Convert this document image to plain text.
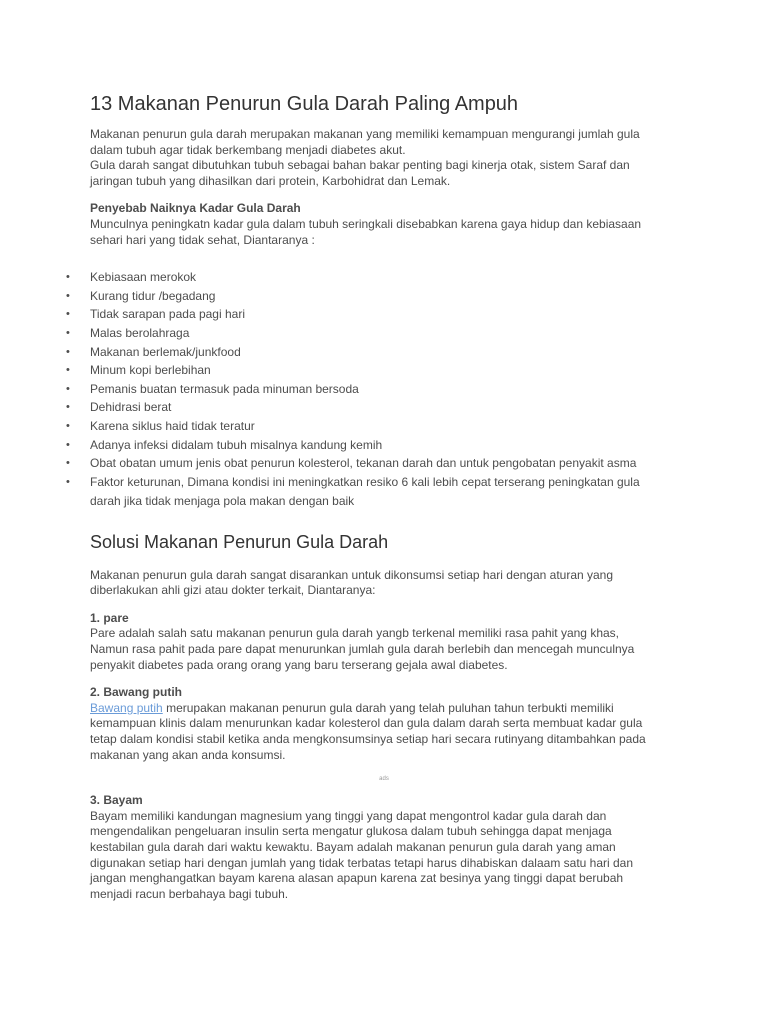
13 Makanan Penurun Gula Darah Paling Ampuh

Makanan penurun gula darah merupakan makanan yang memiliki kemampuan mengurangi jumlah gula
dalam tubuh agar tidak berkembang menjadi diabetes akut.
Gula darah sangat dibutuhkan tubuh sebagai bahan bakar penting bagi kinerja otak, sistem Saraf dan
jaringan tubuh yang dihasilkan dari protein, Karbohidrat dan Lemak.

Penyebab Naiknya Kadar Gula Darah

Munculnya peningkatn kadar gula dalam tubuh seringkali disebabkan karena gaya hidup dan kebiasaan
sehari hari yang tidak sehat, Diantaranya :

•	Kebiasaan merokok
•	Kurang tidur /begadang
•	Tidak sarapan pada pagi hari
•	Malas berolahraga
•	Makanan berlemak/junkfood
•	Minum kopi berlebihan
•	Pemanis buatan termasuk pada minuman bersoda
•	Dehidrasi berat
•	Karena siklus haid tidak teratur
•	Adanya infeksi didalam tubuh misalnya kandung kemih
•	Obat obatan umum jenis obat penurun kolesterol, tekanan darah dan untuk pengobatan penyakit asma
•	Faktor keturunan, Dimana kondisi ini meningkatkan resiko 6 kali lebih cepat terserang peningkatan gula
darah jika tidak menjaga pola makan dengan baik
Solusi Makanan Penurun Gula Darah

Makanan penurun gula darah sangat disarankan untuk dikonsumsi setiap hari dengan aturan yang
diberlakukan ahli gizi atau dokter terkait, Diantaranya:

1. pare

Pare adalah salah satu makanan penurun gula darah yangb terkenal memiliki rasa pahit yang khas,
Namun rasa pahit pada pare dapat menurunkan jumlah gula darah berlebih dan mencegah munculnya
penyakit diabetes pada orang orang yang baru terserang gejala awal diabetes.

2. Bawang putih

Bawang putih merupakan makanan penurun gula darah yang telah puluhan tahun terbukti memiliki
kemampuan klinis dalam menurunkan kadar kolesterol dan gula dalam darah serta membuat kadar gula
tetap dalam kondisi stabil ketika anda mengkonsumsinya setiap hari secara rutinyang ditambahkan pada
makanan yang akan anda konsumsi.

ads
3. Bayam

Bayam memiliki kandungan magnesium yang tinggi yang dapat mengontrol kadar gula darah dan
mengendalikan pengeluaran insulin serta mengatur glukosa dalam tubuh sehingga dapat menjaga
kestabilan gula darah dari waktu kewaktu. Bayam adalah makanan penurun gula darah yang aman
digunakan setiap hari dengan jumlah yang tidak terbatas tetapi harus dihabiskan dalaam satu hari dan
jangan menghangatkan bayam karena alasan apapun karena zat besinya yang tinggi dapat berubah
menjadi racun berbahaya bagi tubuh.
